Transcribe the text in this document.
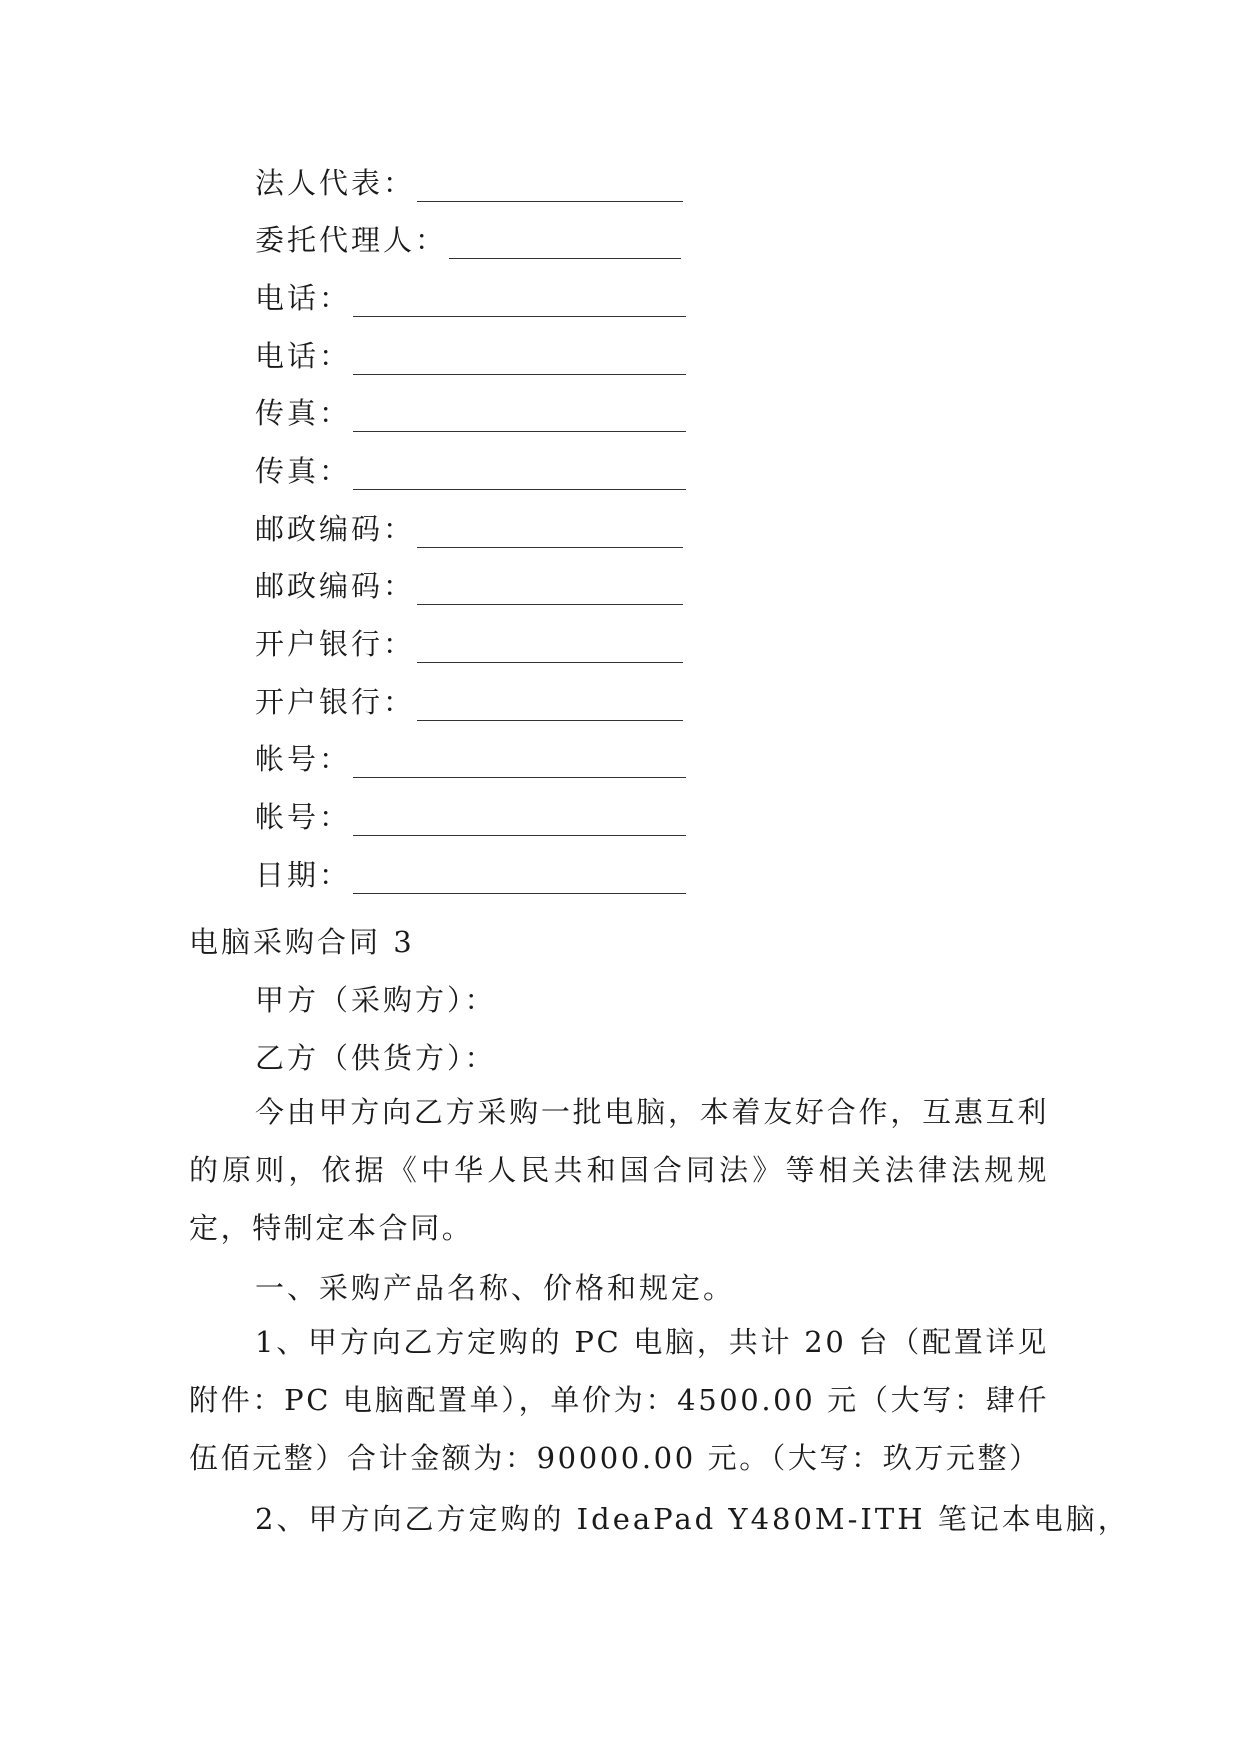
法人代表：
委托代理人：
电话：
电话：
传真：
传真：
邮政编码：
邮政编码：
开户银行：
开户银行：
帐号：
帐号：
日期：
电脑采购合同 3
甲方（采购方）：
乙方（供货方）：
今由甲方向乙方采购一批电脑，本着友好合作，互惠互利的原则，依据《中华人民共和国合同法》等相关法律法规规定，特制定本合同。
一、采购产品名称、价格和规定。
1、甲方向乙方定购的 PC 电脑，共计 20 台（配置详见附件：PC 电脑配置单），单价为：4500.00 元（大写：肆仟伍佰元整）合计金额为：90000.00 元。（大写：玖万元整）
2、甲方向乙方定购的 IdeaPad Y480M-ITH 笔记本电脑，
